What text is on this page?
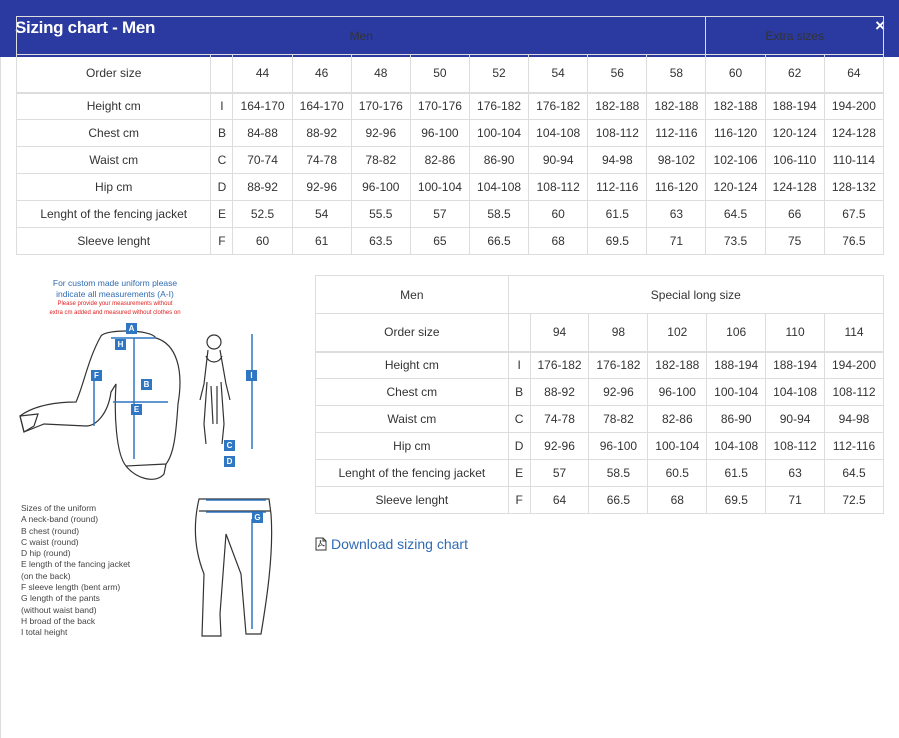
Sizing chart - Men	×
Men										Extra sizes		
Order size		44	46	48	50	52	54	56	58	60	62	64
Height cm	I	164-170	164-170	170-176	170-176	176-182	176-182	182-188	182-188	182-188	188-194	194-200
Chest cm	B	84-88	88-92	92-96	96-100	100-104	104-108	108-112	112-116	116-120	120-124	124-128
Waist cm	C	70-74	74-78	78-82	82-86	86-90	90-94	94-98	98-102	102-106	106-110	110-114
Hip cm	D	88-92	92-96	96-100	100-104	104-108	108-112	112-116	116-120	120-124	124-128	128-132
Lenght of the fencing jacket	E	52.5	54	55.5	57	58.5	60	61.5	63	64.5	66	67.5
Sleeve lenght	F	60	61	63.5	65	66.5	68	69.5	71	73.5	75	76.5
For custom made uniform please
indicate all measurements (A-I)
Please provide your measurements without
extra cm added and measured without clothes on
A
H
F
B
E
I
C
D
G
Sizes of the uniform
A neck-band (round)
B chest (round)
C waist (round)
D hip (round)
E length of the fancing jacket
(on the back)
F sleeve length (bent arm)
G length of the pants
(without waist band)
H broad of the back
I total height
Men	Special long size						
Order size		94	98	102	106	110	114
Height cm	I	176-182	176-182	182-188	188-194	188-194	194-200
Chest cm	B	88-92	92-96	96-100	100-104	104-108	108-112
Waist cm	C	74-78	78-82	82-86	86-90	90-94	94-98
Hip cm	D	92-96	96-100	100-104	104-108	108-112	112-116
Lenght of the fencing jacket	E	57	58.5	60.5	61.5	63	64.5
Sleeve lenght	F	64	66.5	68	69.5	71	72.5
Download sizing chart
